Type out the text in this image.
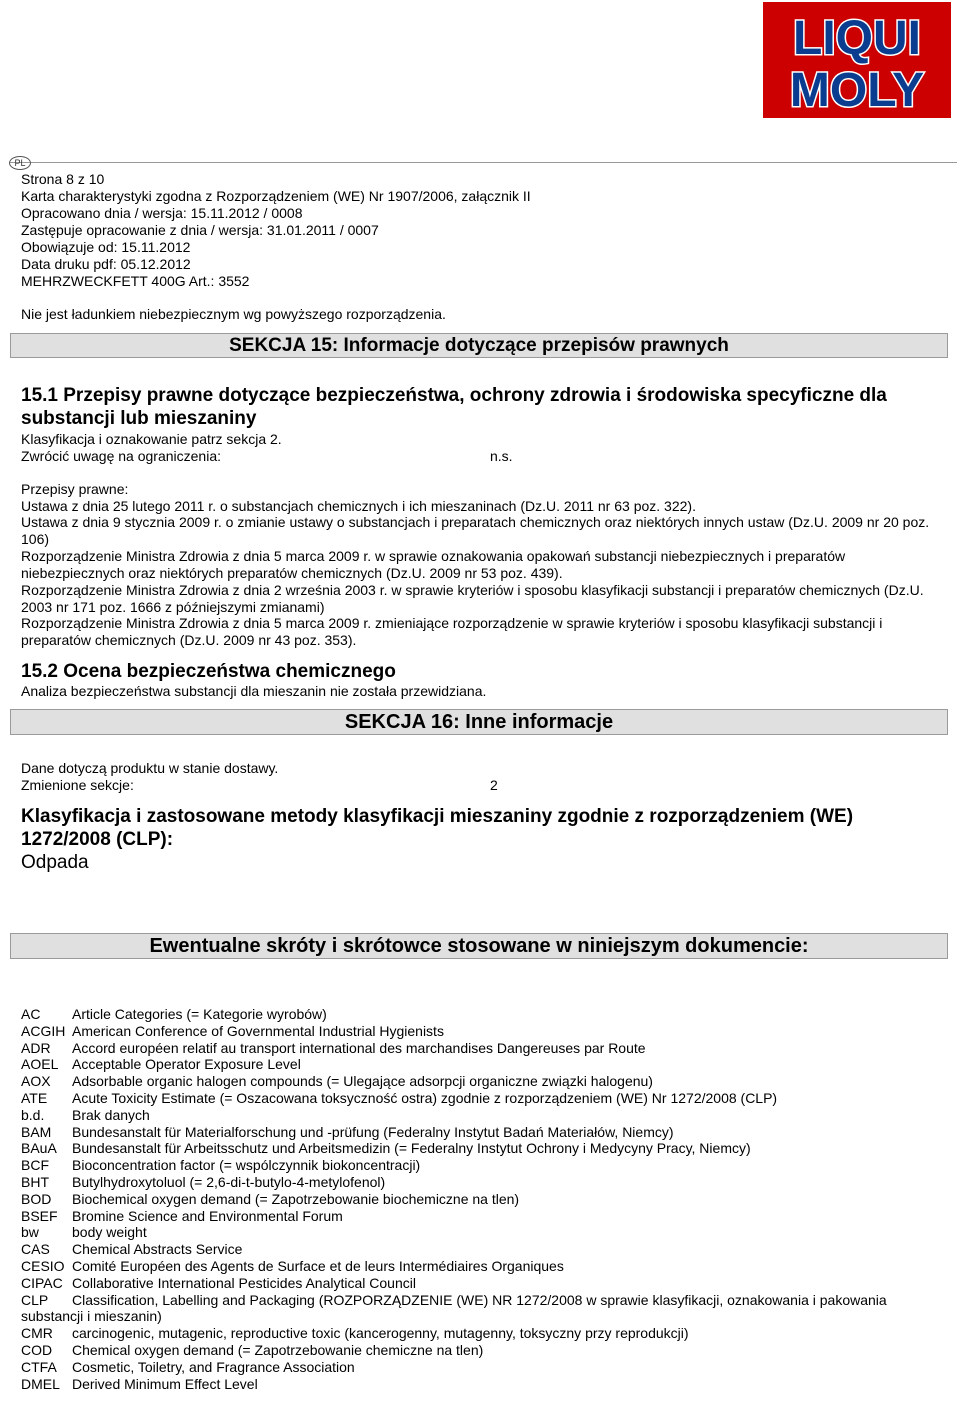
LIQUI
MOLY
PL
Strona 8 z 10
Karta charakterystyki zgodna z Rozporządzeniem (WE) Nr 1907/2006, załącznik II
Opracowano dnia / wersja: 15.11.2012 / 0008
Zastępuje opracowanie z dnia / wersja: 31.01.2011 / 0007
Obowiązuje od: 15.11.2012
Data druku pdf: 05.12.2012
MEHRZWECKFETT 400G Art.: 3552
Nie jest ładunkiem niebezpiecznym wg powyższego rozporządzenia.
SEKCJA 15: Informacje dotyczące przepisów prawnych
15.1 Przepisy prawne dotyczące bezpieczeństwa, ochrony zdrowia i środowiska specyficzne dla substancji lub mieszaniny
Klasyfikacja i oznakowanie patrz sekcja 2.
Zwrócić uwagę na ograniczenia:	n.s.
Przepisy prawne:
Ustawa z dnia 25 lutego 2011 r. o substancjach chemicznych i ich mieszaninach (Dz.U. 2011 nr 63 poz. 322).
Ustawa z dnia 9 stycznia 2009 r. o zmianie ustawy o substancjach i preparatach chemicznych oraz niektórych innych ustaw (Dz.U. 2009 nr 20 poz. 106)
Rozporządzenie Ministra Zdrowia z dnia 5 marca 2009 r. w sprawie oznakowania opakowań substancji niebezpiecznych i preparatów niebezpiecznych oraz niektórych preparatów chemicznych (Dz.U. 2009 nr 53 poz. 439).
Rozporządzenie Ministra Zdrowia z dnia 2 września 2003 r. w sprawie kryteriów i sposobu klasyfikacji substancji i preparatów chemicznych (Dz.U. 2003 nr 171 poz. 1666 z późniejszymi zmianami)
Rozporządzenie Ministra Zdrowia z dnia 5 marca 2009 r. zmieniające rozporządzenie w sprawie kryteriów i sposobu klasyfikacji substancji i preparatów chemicznych (Dz.U. 2009 nr 43 poz. 353).
15.2 Ocena bezpieczeństwa chemicznego
Analiza bezpieczeństwa substancji dla mieszanin nie została przewidziana.
SEKCJA 16: Inne informacje
Dane dotyczą produktu w stanie dostawy.
Zmienione sekcje:	2
Klasyfikacja i zastosowane metody klasyfikacji mieszaniny zgodnie z rozporządzeniem (WE) 1272/2008 (CLP):
Odpada
Ewentualne skróty i skrótowce stosowane w niniejszym dokumencie:
AC Article Categories (= Kategorie wyrobów)
ACGIH American Conference of Governmental Industrial Hygienists
ADR Accord européen relatif au transport international des marchandises Dangereuses par Route
AOEL Acceptable Operator Exposure Level
AOX Adsorbable organic halogen compounds (= Ulegające adsorpcji organiczne związki halogenu)
ATE Acute Toxicity Estimate (= Oszacowana toksyczność ostra) zgodnie z rozporządzeniem (WE) Nr 1272/2008 (CLP)
b.d. Brak danych
BAM Bundesanstalt für Materialforschung und -prüfung (Federalny Instytut Badań Materiałów, Niemcy)
BAuA Bundesanstalt für Arbeitsschutz und Arbeitsmedizin (= Federalny Instytut Ochrony i Medycyny Pracy, Niemcy)
BCF Bioconcentration factor (= wspólczynnik biokoncentracji)
BHT Butylhydroxytoluol (= 2,6-di-t-butylo-4-metylofenol)
BOD Biochemical oxygen demand (= Zapotrzebowanie biochemiczne na tlen)
BSEF Bromine Science and Environmental Forum
bw body weight
CAS Chemical Abstracts Service
CESIO Comité Européen des Agents de Surface et de leurs Intermédiaires Organiques
CIPAC Collaborative International Pesticides Analytical Council
CLP Classification, Labelling and Packaging (ROZPORZĄDZENIE (WE) NR 1272/2008 w sprawie klasyfikacji, oznakowania i pakowania
substancji i mieszanin)
CMR carcinogenic, mutagenic, reproductive toxic (kancerogenny, mutagenny, toksyczny przy reprodukcji)
COD Chemical oxygen demand (= Zapotrzebowanie chemiczne na tlen)
CTFA Cosmetic, Toiletry, and Fragrance Association
DMEL Derived Minimum Effect Level
